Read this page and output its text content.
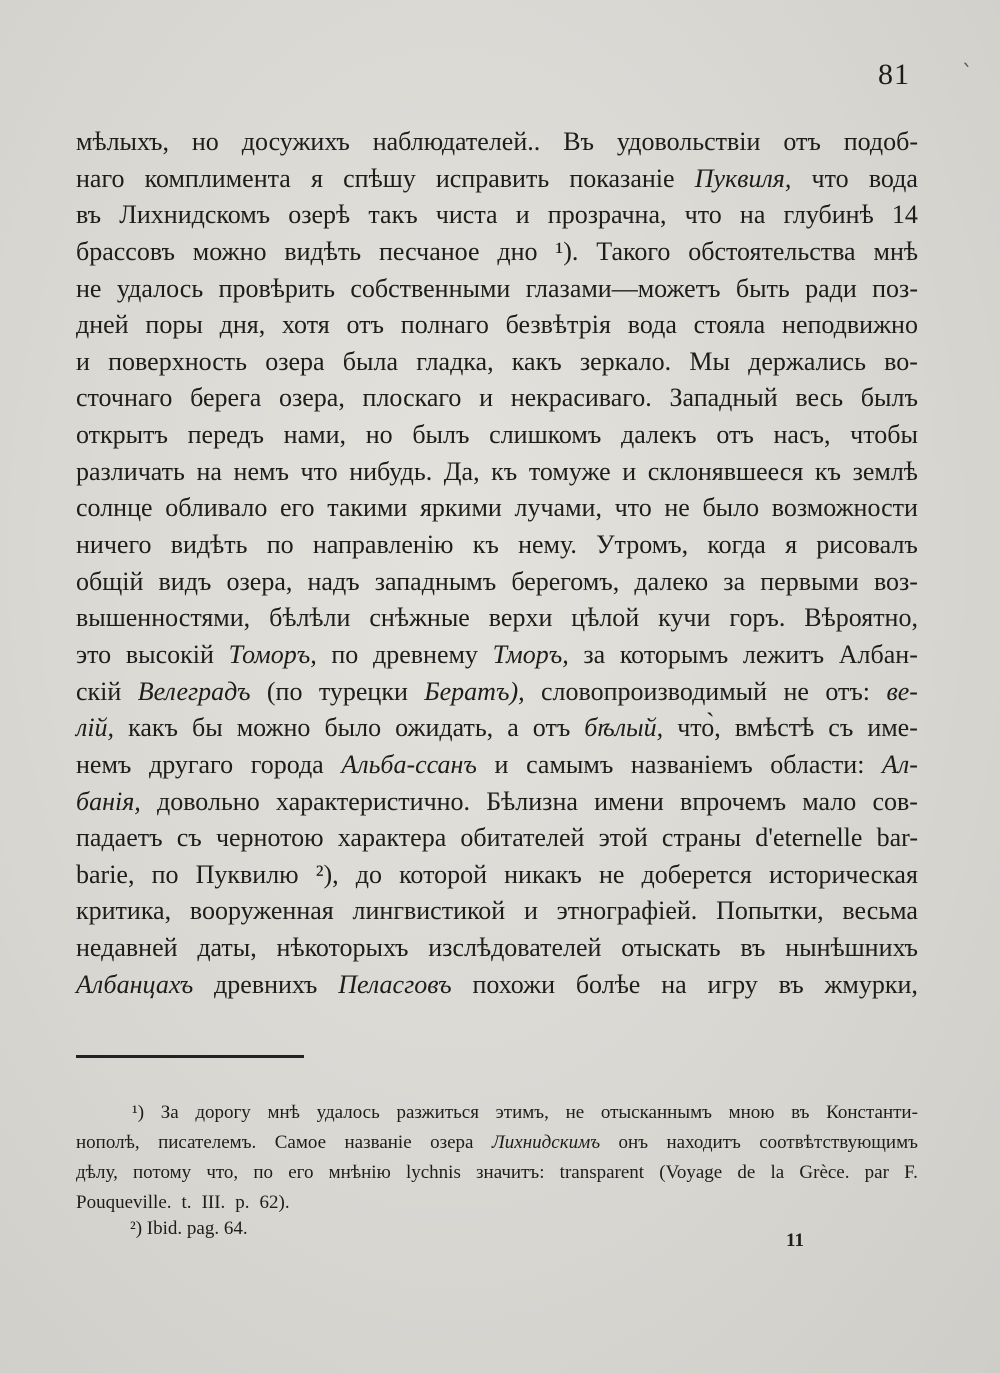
81 `
мѣлыхъ, но досужихъ наблюдателей.. Въ удовольствіи отъ подоб-
наго комплимента я спѣшу исправить показаніе Пуквиля, что вода
въ Лихнидскомъ озерѣ такъ чиста и прозрачна, что на глубинѣ 14
брассовъ можно видѣть песчаное дно ¹). Такого обстоятельства мнѣ
не удалось провѣрить собственными глазами—можетъ быть ради поз-
дней поры дня, хотя отъ полнаго безвѣтрія вода стояла неподвижно
и поверхность озера была гладка, какъ зеркало. Мы держались во-
сточнаго берега озера, плоскаго и некрасиваго. Западный весь былъ
открытъ передъ нами, но былъ слишкомъ далекъ отъ насъ, чтобы
различать на немъ что нибудь. Да, къ томуже и склонявшееся къ землѣ
солнце обливало его такими яркими лучами, что не было возможности
ничего видѣть по направленію къ нему. Утромъ, когда я рисовалъ
общій видъ озера, надъ западнымъ берегомъ, далеко за первыми воз-
вышенностями, бѣлѣли снѣжные верхи цѣлой кучи горъ. Вѣроятно,
это высокій Томоръ, по древнему Тморъ, за которымъ лежитъ Албан-
скій Велеградъ (по турецки Бератъ), словопроизводимый не отъ: ве-
лій, какъ бы можно было ожидать, а отъ бѣлый, что̀, вмѣстѣ съ име-
немъ другаго города Альба-ссанъ и самымъ названіемъ области: Ал-
банія, довольно характеристично. Бѣлизна имени впрочемъ мало сов-
падаетъ съ чернотою характера обитателей этой страны d'eternelle bar-
barie, по Пуквилю ²), до которой никакъ не доберется историческая
критика, вооруженная лингвистикой и этнографіей. Попытки, весьма
недавней даты, нѣкоторыхъ изслѣдователей отыскать въ нынѣшнихъ
Албанцахъ древнихъ Пеласговъ похожи болѣе на игру въ жмурки,
¹) За дорогу мнѣ удалось разжиться этимъ, не отысканнымъ мною въ Константи-
нополѣ, писателемъ. Самое названіе озера Лихнидскимъ онъ находитъ соотвѣтствующимъ
дѣлу, потому что, по его мнѣнію lychnis значитъ: transparent (Voyage de la Grèce. par F.
Pouqueville. t. III. p. 62).
²) Ibid. pag. 64.
11
